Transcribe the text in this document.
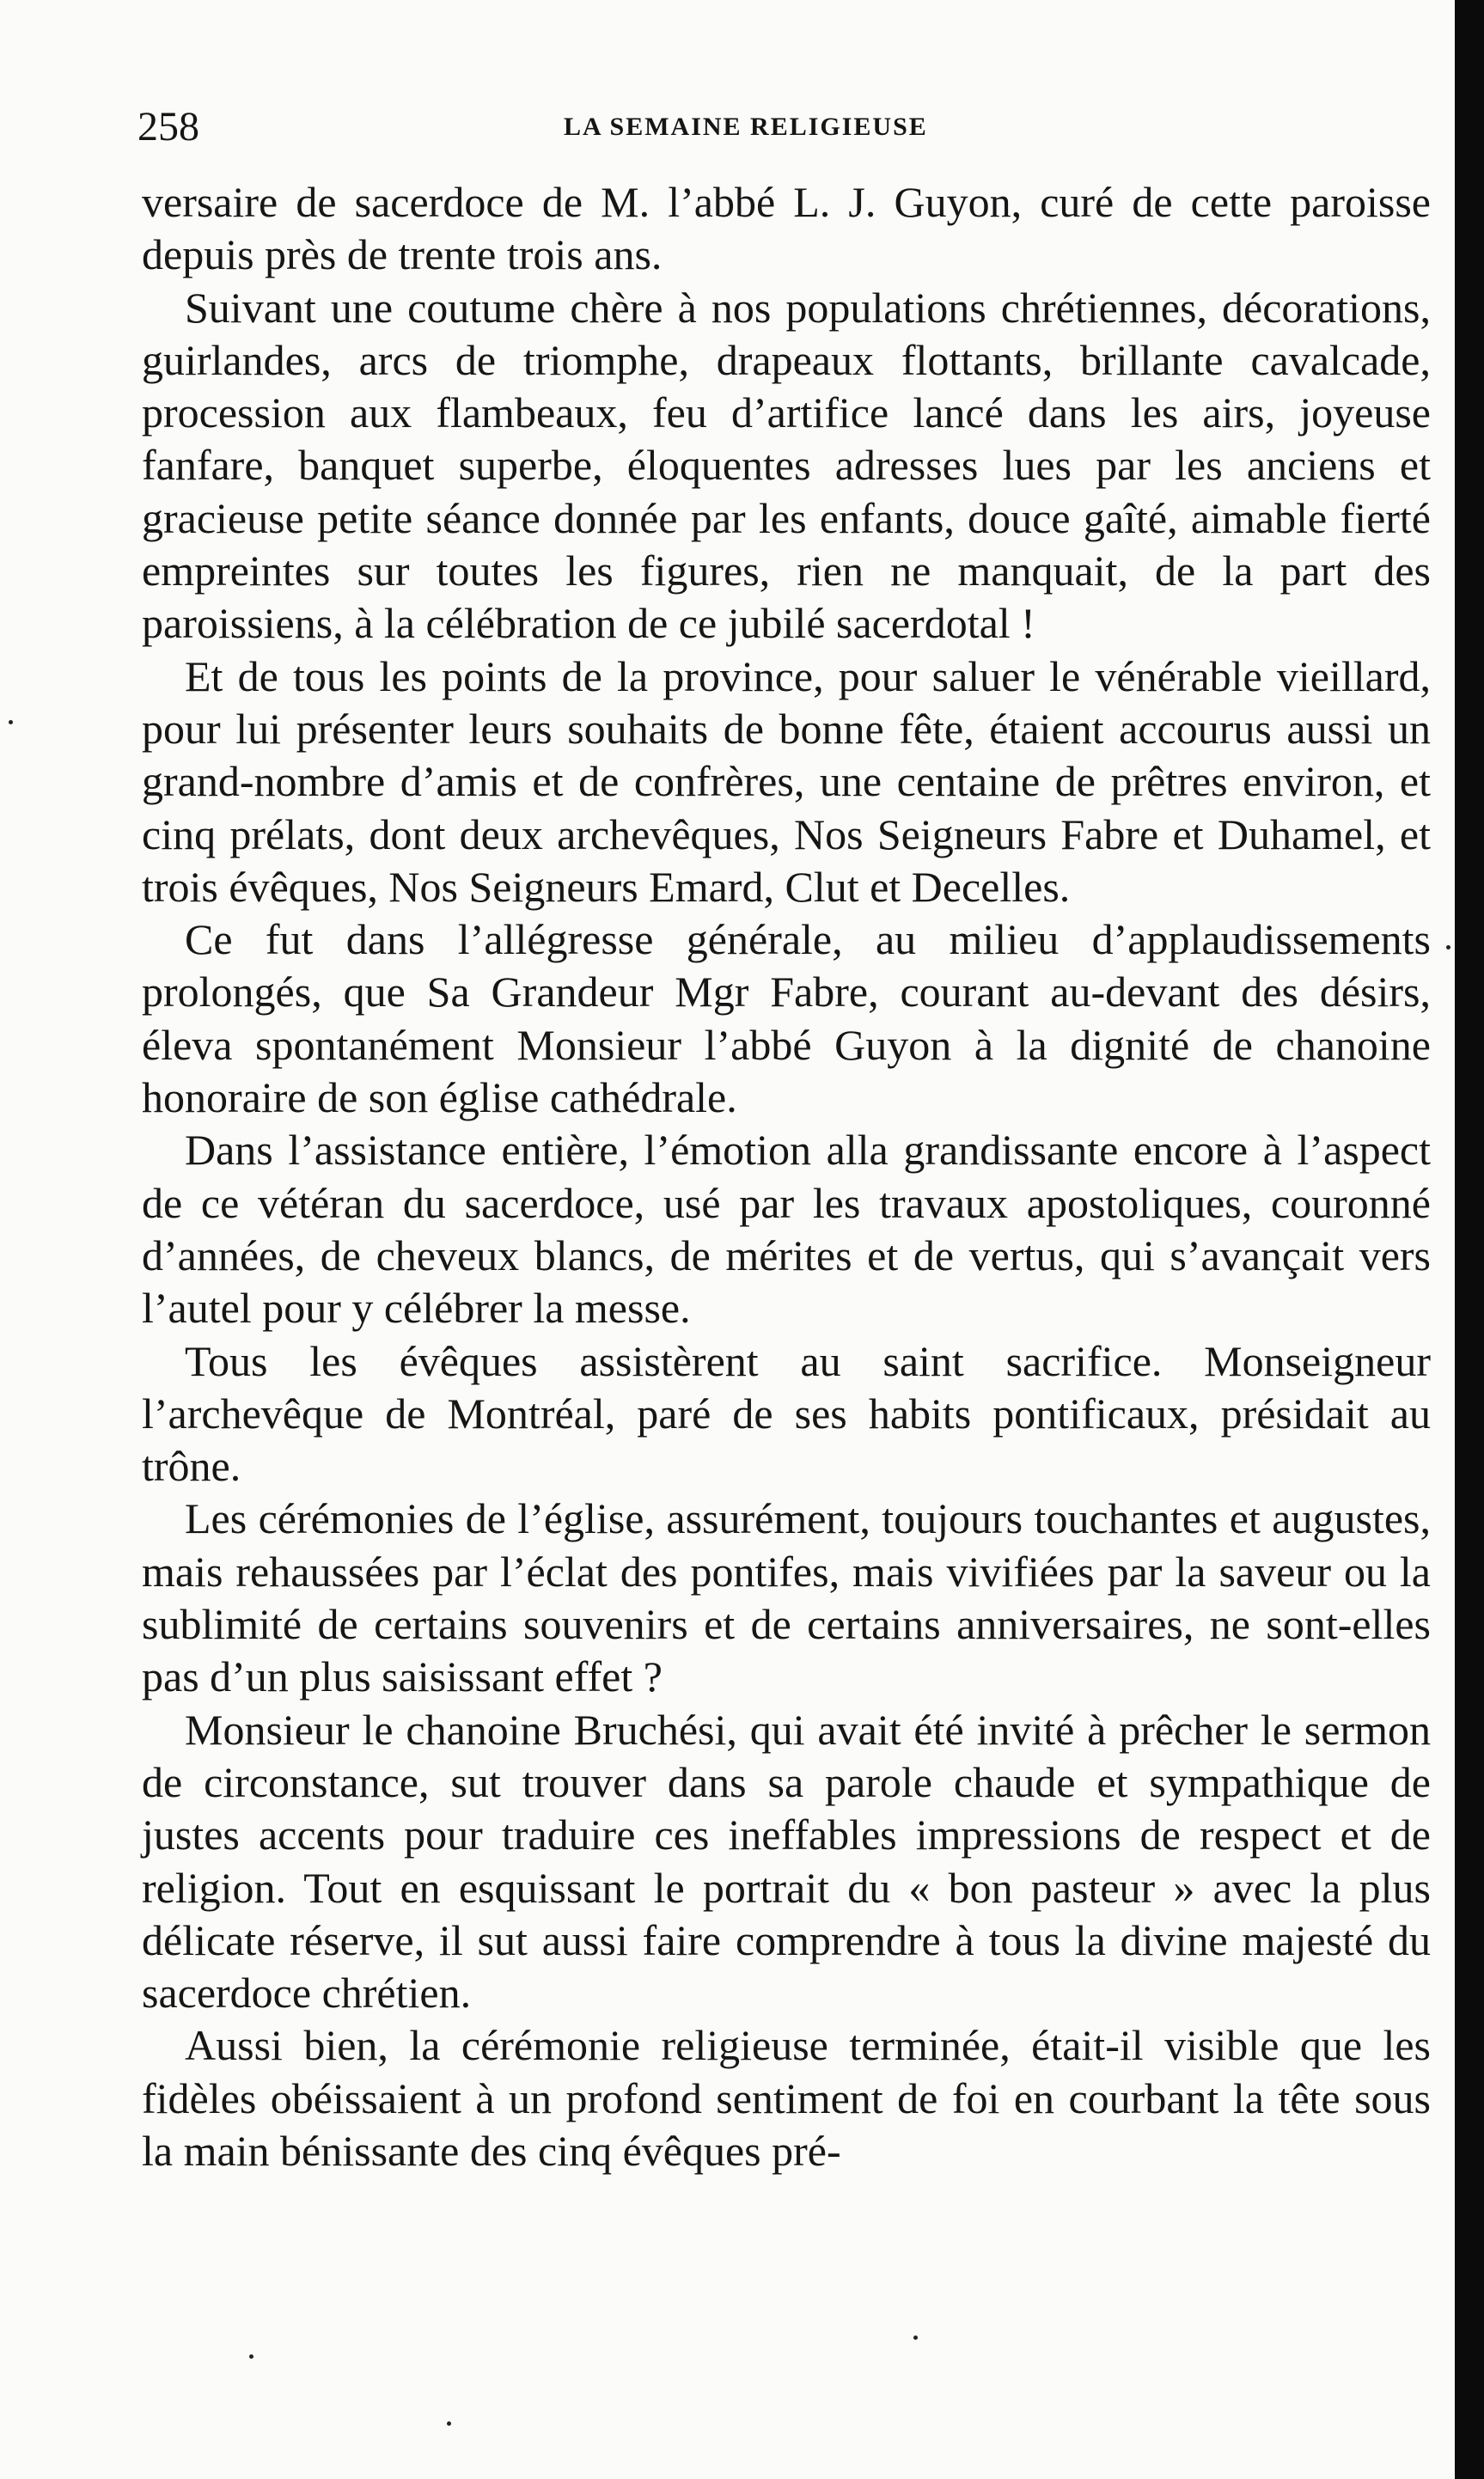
258	LA SEMAINE RELIGIEUSE

versaire de sacerdoce de M. l’abbé L. J. Guyon, curé de cette paroisse depuis près de trente trois ans.

Suivant une coutume chère à nos populations chrétiennes, décorations, guirlandes, arcs de triomphe, drapeaux flottants, brillante cavalcade, procession aux flambeaux, feu d’artifice lancé dans les airs, joyeuse fanfare, banquet superbe, éloquentes adresses lues par les anciens et gracieuse petite séance donnée par les enfants, douce gaîté, aimable fierté empreintes sur toutes les figures, rien ne manquait, de la part des paroissiens, à la célébration de ce jubilé sacerdotal !

Et de tous les points de la province, pour saluer le vénérable vieillard, pour lui présenter leurs souhaits de bonne fête, étaient accourus aussi un grand-nombre d’amis et de confrères, une centaine de prêtres environ, et cinq prélats, dont deux archevêques, Nos Seigneurs Fabre et Duhamel, et trois évêques, Nos Seigneurs Emard, Clut et Decelles.

Ce fut dans l’allégresse générale, au milieu d’applaudissements prolongés, que Sa Grandeur Mgr Fabre, courant au-devant des désirs, éleva spontanément Monsieur l’abbé Guyon à la dignité de chanoine honoraire de son église cathédrale.

Dans l’assistance entière, l’émotion alla grandissante encore à l’aspect de ce vétéran du sacerdoce, usé par les travaux apostoliques, couronné d’années, de cheveux blancs, de mérites et de vertus, qui s’avançait vers l’autel pour y célébrer la messe.

Tous les évêques assistèrent au saint sacrifice. Monseigneur l’archevêque de Montréal, paré de ses habits pontificaux, présidait au trône.

Les cérémonies de l’église, assurément, toujours touchantes et augustes, mais rehaussées par l’éclat des pontifes, mais vivifiées par la saveur ou la sublimité de certains souvenirs et de certains anniversaires, ne sont-elles pas d’un plus saisissant effet ?

Monsieur le chanoine Bruchési, qui avait été invité à prêcher le sermon de circonstance, sut trouver dans sa parole chaude et sympathique de justes accents pour traduire ces ineffables impressions de respect et de religion. Tout en esquissant le portrait du « bon pasteur » avec la plus délicate réserve, il sut aussi faire comprendre à tous la divine majesté du sacerdoce chrétien.

Aussi bien, la cérémonie religieuse terminée, était-il visible que les fidèles obéissaient à un profond sentiment de foi en courbant la tête sous la main bénissante des cinq évêques pré-
